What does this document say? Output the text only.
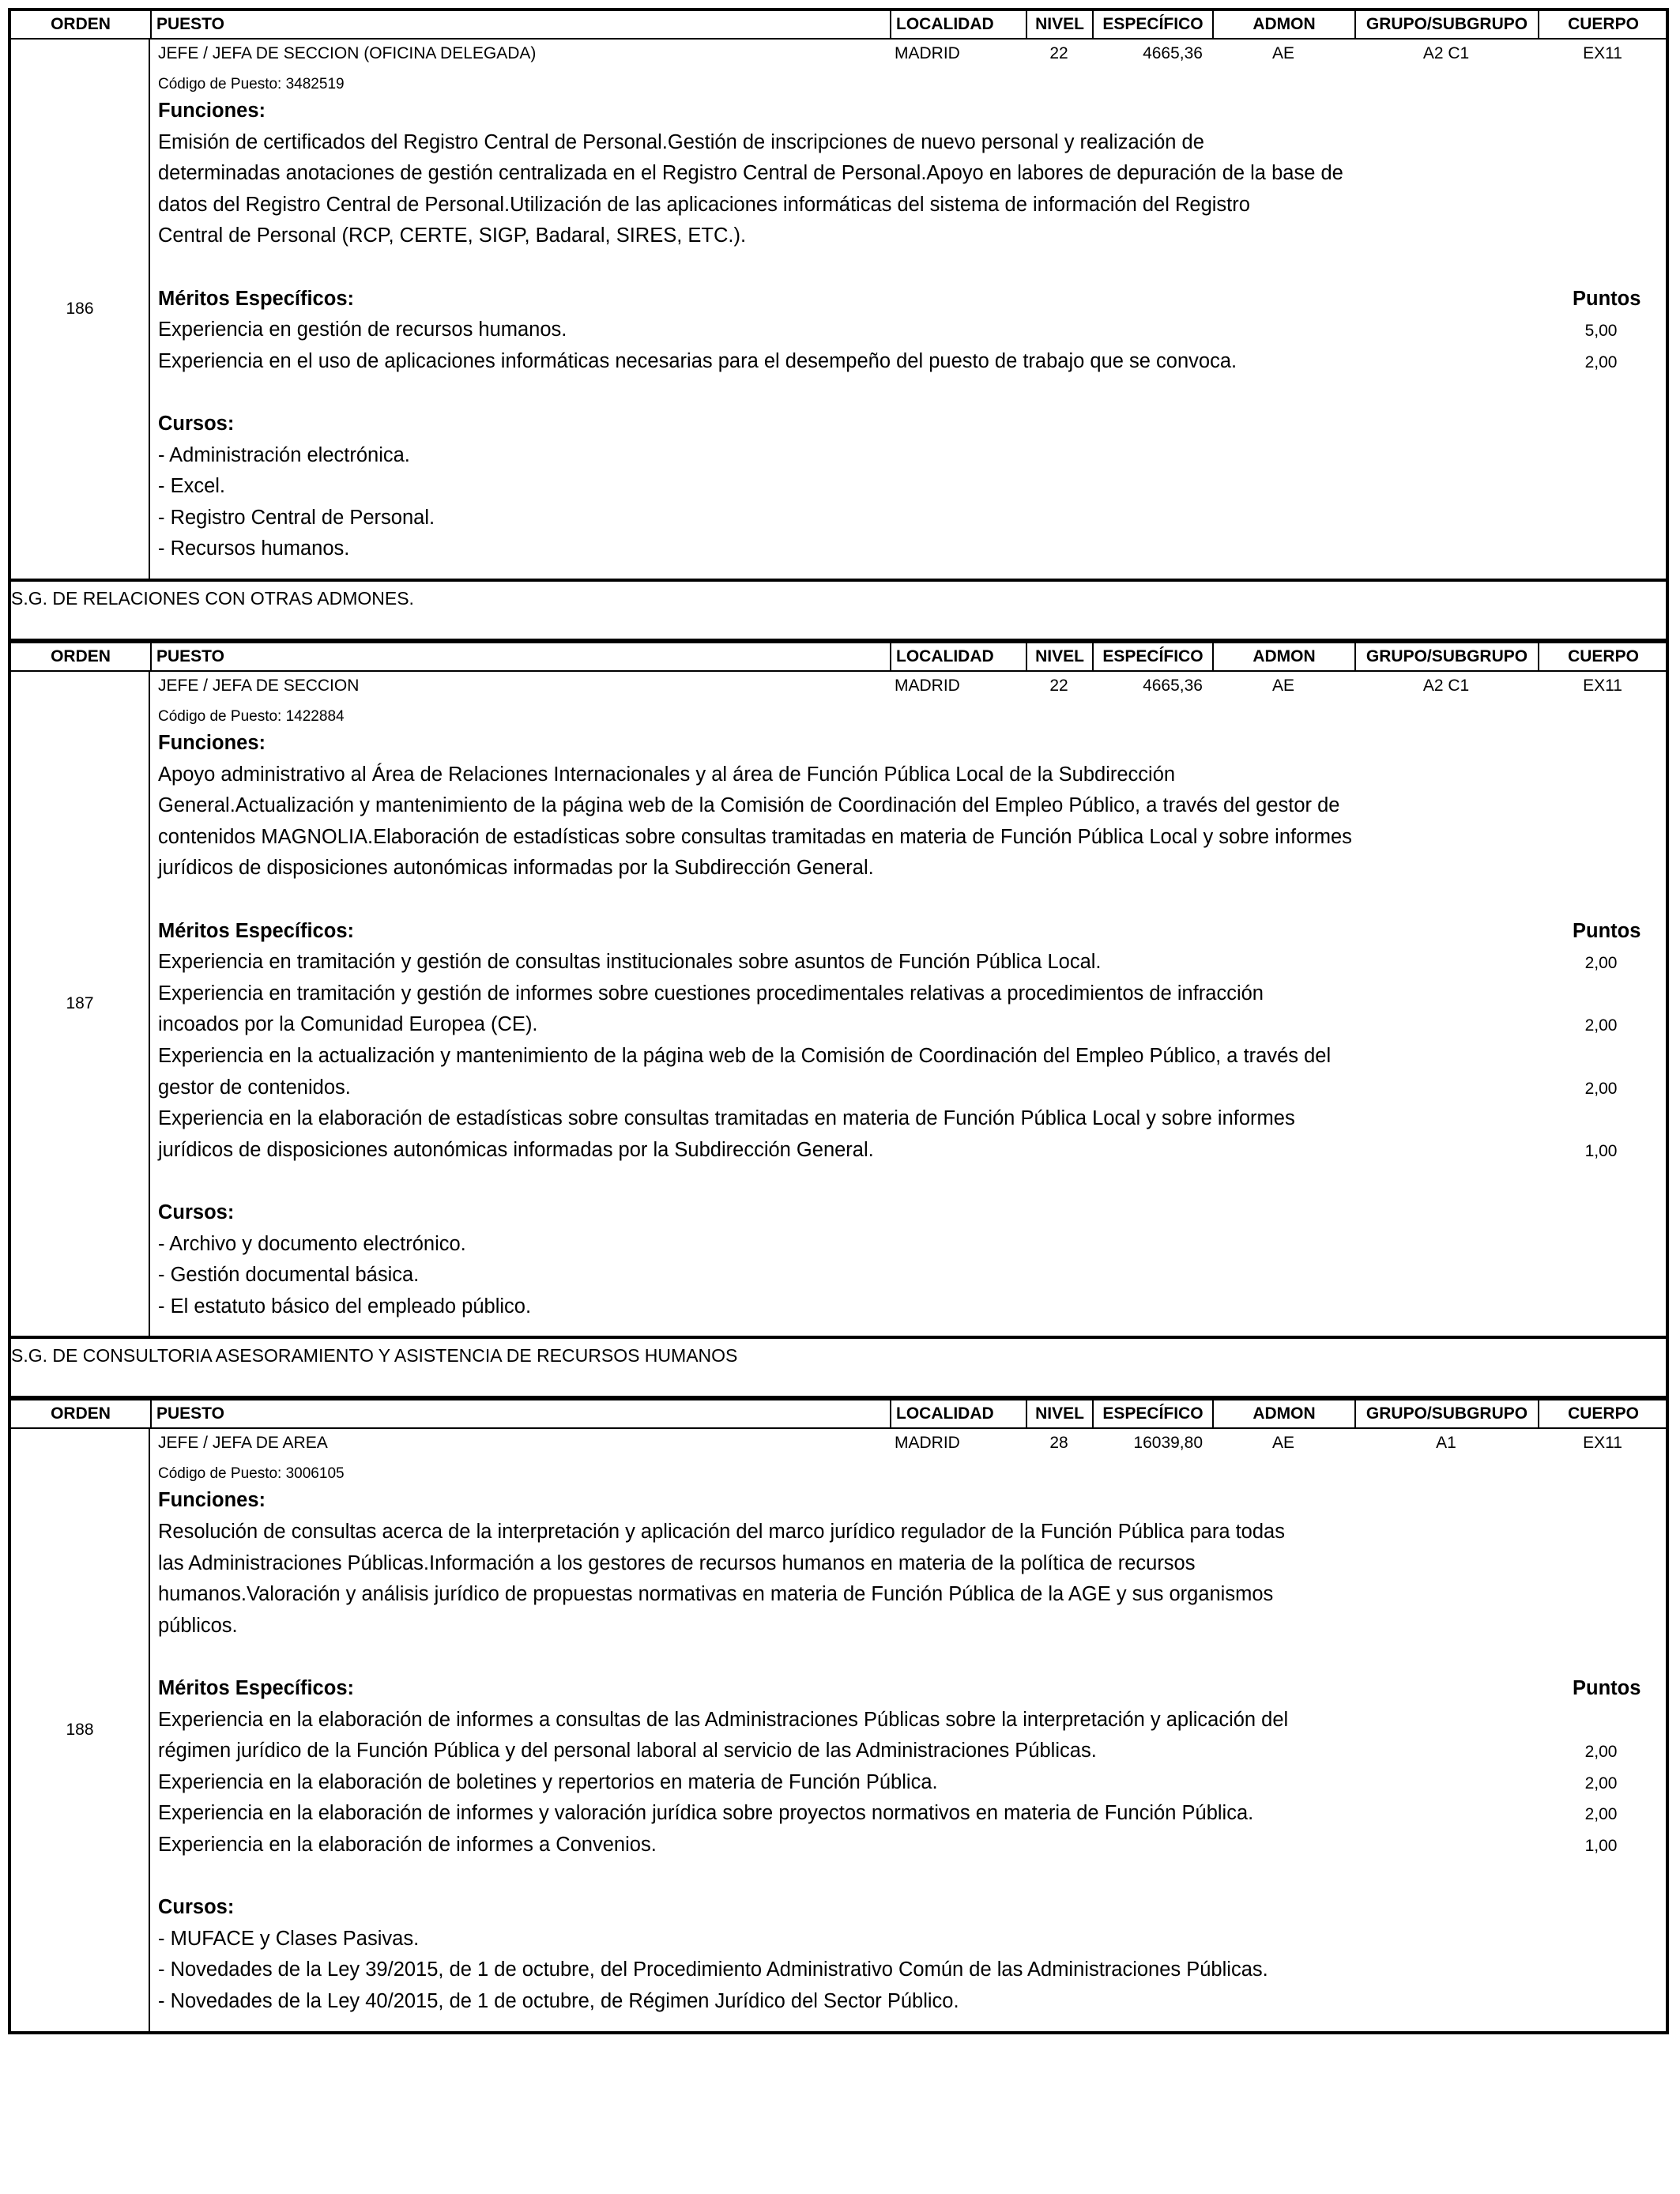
ORDEN	PUESTO	LOCALIDAD	NIVEL	ESPECÍFICO	ADMON	GRUPO/SUBGRUPO	CUERPO
186
JEFE / JEFA DE SECCION (OFICINA DELEGADA)	MADRID	22	4665,36	AE	A2 C1	EX11
Código de Puesto: 3482519
Funciones:
Emisión de certificados del Registro Central de Personal.Gestión de inscripciones de nuevo personal y realización de
determinadas anotaciones de gestión centralizada en el Registro Central de Personal.Apoyo en labores de depuración de la base de
datos del Registro Central de Personal.Utilización de las aplicaciones informáticas del sistema de información del Registro
Central de Personal (RCP, CERTE, SIGP, Badaral, SIRES, ETC.).
Méritos Específicos:	Puntos
Experiencia en gestión de recursos humanos.	5,00
Experiencia en el uso de aplicaciones informáticas necesarias para el desempeño del puesto de trabajo que se convoca.	2,00
Cursos:
- Administración electrónica.
- Excel.
- Registro Central de Personal.
- Recursos humanos.
S.G. DE RELACIONES CON OTRAS ADMONES.
ORDEN	PUESTO	LOCALIDAD	NIVEL	ESPECÍFICO	ADMON	GRUPO/SUBGRUPO	CUERPO
187
JEFE / JEFA DE SECCION	MADRID	22	4665,36	AE	A2 C1	EX11
Código de Puesto: 1422884
Funciones:
Apoyo administrativo al Área de Relaciones Internacionales y al área de Función Pública Local de la Subdirección
General.Actualización y mantenimiento de la página web de la Comisión de Coordinación del Empleo Público, a través del gestor de
contenidos MAGNOLIA.Elaboración de estadísticas sobre consultas tramitadas en materia de Función Pública Local y sobre informes
jurídicos de disposiciones autonómicas informadas por la Subdirección General.
Méritos Específicos:	Puntos
Experiencia en tramitación y gestión de consultas institucionales sobre asuntos de Función Pública Local.	2,00
Experiencia en tramitación y gestión de informes sobre cuestiones procedimentales relativas a procedimientos de infracción
incoados por la Comunidad Europea (CE).	2,00
Experiencia en la actualización y mantenimiento de la página web de la Comisión de Coordinación del Empleo Público, a través del
gestor de contenidos.	2,00
Experiencia en la elaboración de estadísticas sobre consultas tramitadas en materia de Función Pública Local y sobre informes
jurídicos de disposiciones autonómicas informadas por la Subdirección General.	1,00
Cursos:
- Archivo y documento electrónico.
- Gestión documental básica.
- El estatuto básico del empleado público.
S.G. DE CONSULTORIA ASESORAMIENTO Y ASISTENCIA DE RECURSOS HUMANOS
ORDEN	PUESTO	LOCALIDAD	NIVEL	ESPECÍFICO	ADMON	GRUPO/SUBGRUPO	CUERPO
188
JEFE / JEFA DE AREA	MADRID	28	16039,80	AE	A1	EX11
Código de Puesto: 3006105
Funciones:
Resolución de consultas acerca de la interpretación y aplicación del marco jurídico regulador de la Función Pública para todas
las Administraciones Públicas.Información a los gestores de recursos humanos en materia de la política de recursos
humanos.Valoración y análisis jurídico de propuestas normativas en materia de Función Pública de la AGE y sus organismos
públicos.
Méritos Específicos:	Puntos
Experiencia en la elaboración de informes a consultas de las Administraciones Públicas sobre la interpretación y aplicación del
régimen jurídico de la Función Pública y del personal laboral al servicio de las Administraciones Públicas.	2,00
Experiencia en la elaboración de boletines y repertorios en materia de Función Pública.	2,00
Experiencia en la elaboración de informes y valoración jurídica sobre proyectos normativos en materia de Función Pública.	2,00
Experiencia en la elaboración de informes a Convenios.	1,00
Cursos:
- MUFACE y Clases Pasivas.
- Novedades de la Ley 39/2015, de 1 de octubre, del Procedimiento Administrativo Común de las Administraciones Públicas.
- Novedades de la Ley 40/2015, de 1 de octubre, de Régimen Jurídico del Sector Público.
